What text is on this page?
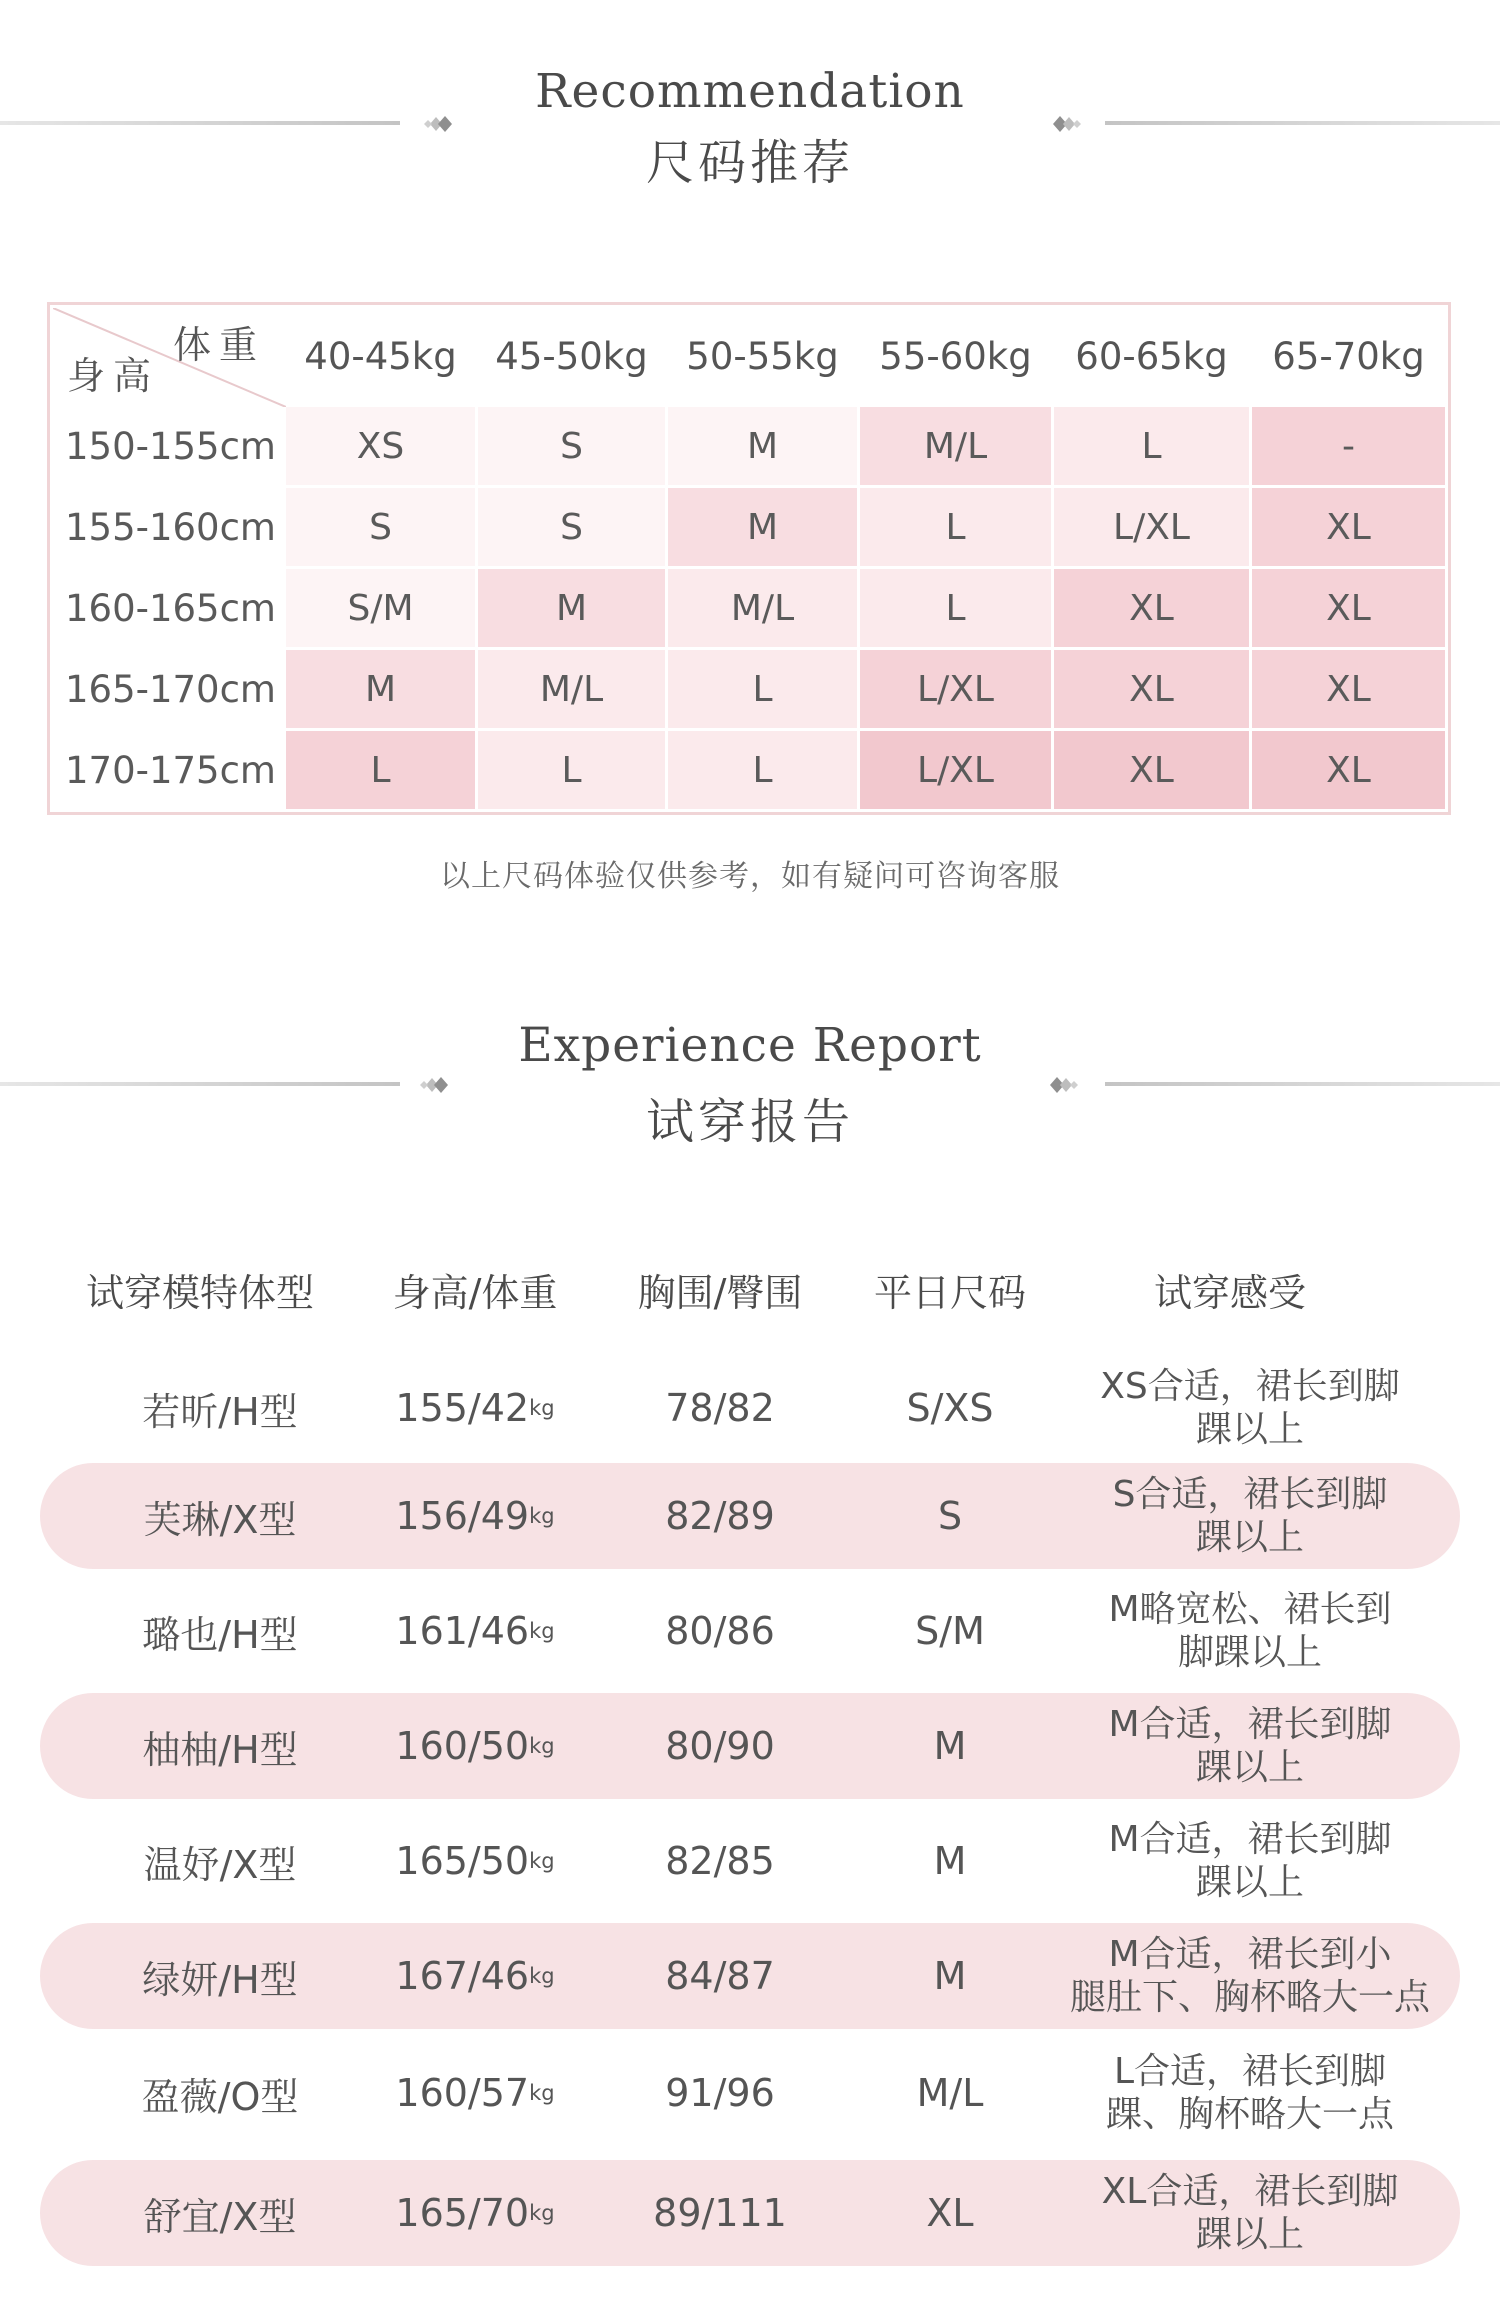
Recommendation
尺码推荐
体重
身高	40-45kg	45-50kg	50-55kg	55-60kg	60-65kg	65-70kg
150-155cm	XS	S	M	M/L	L	-
155-160cm	S	S	M	L	L/XL	XL
160-165cm	S/M	M	M/L	L	XL	XL
165-170cm	M	M/L	L	L/XL	XL	XL
170-175cm	L	L	L	L/XL	XL	XL
以上尺码体验仅供参考，如有疑问可咨询客服
Experience Report
试穿报告
试穿模特体型	身高/体重	胸围/臀围	平日尺码	试穿感受
若昕/H型	155/42 kg	78/82	S/XS	XS合适，裙长到脚
踝以上
芙琳/X型	156/49 kg	82/89	S	S合适，裙长到脚
踝以上
璐也/H型	161/46 kg	80/86	S/M	M略宽松、裙长到
脚踝以上
柚柚/H型	160/50 kg	80/90	M	M合适，裙长到脚
踝以上
温妤/X型	165/50 kg	82/85	M	M合适，裙长到脚
踝以上
绿妍/H型	167/46 kg	84/87	M	M合适，裙长到小
腿肚下、胸杯略大一点
盈薇/O型	160/57 kg	91/96	M/L	L合适，裙长到脚
踝、胸杯略大一点
舒宜/X型	165/70 kg	89/111	XL	XL合适，裙长到脚
踝以上
